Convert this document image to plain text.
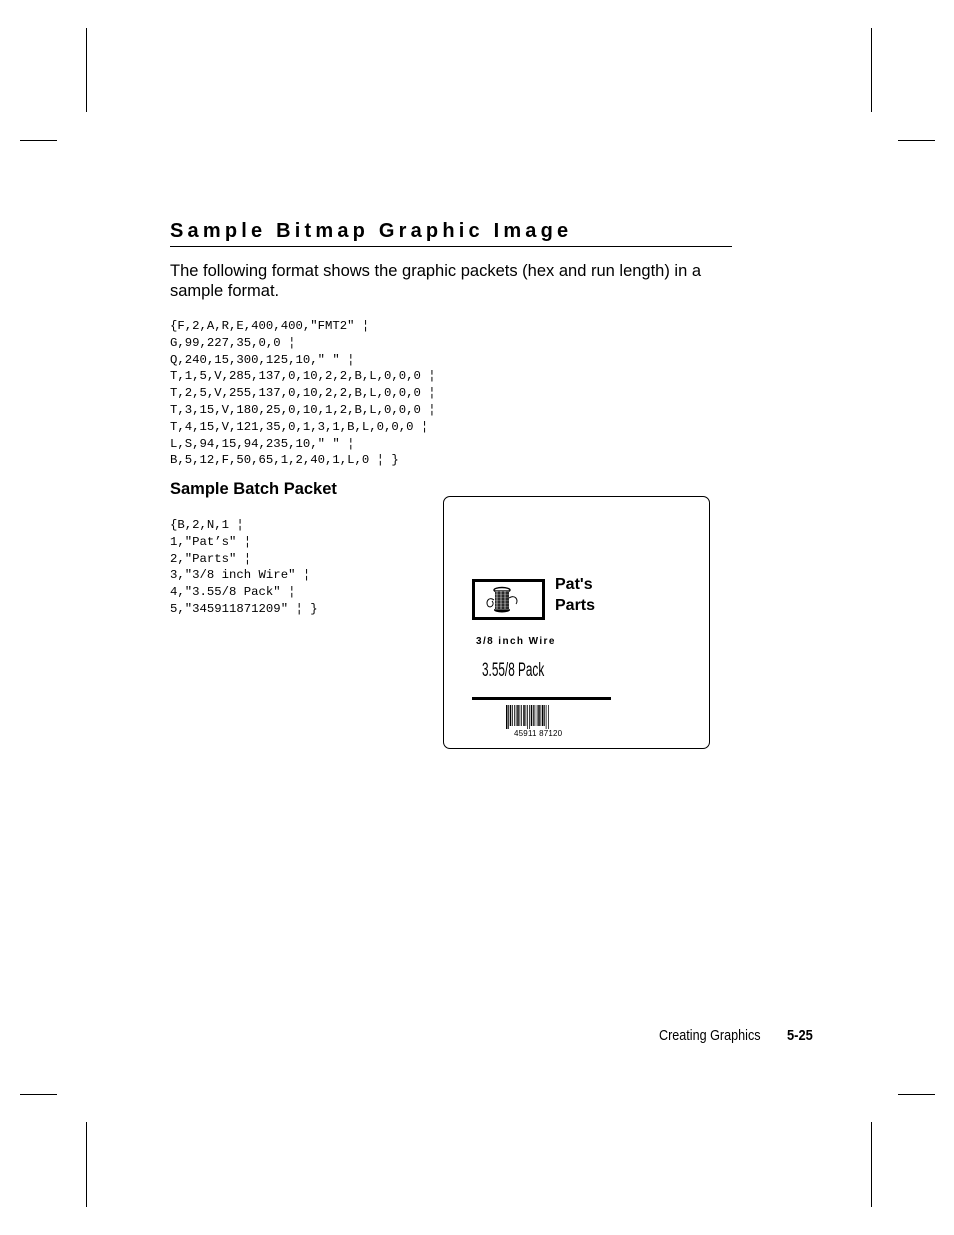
Sample Bitmap Graphic Image

The following format shows the graphic packets (hex and run length) in a sample format.

{F,2,A,R,E,400,400,"FMT2" ¦
G,99,227,35,0,0 ¦
Q,240,15,300,125,10," " ¦
T,1,5,V,285,137,0,10,2,2,B,L,0,0,0 ¦
T,2,5,V,255,137,0,10,2,2,B,L,0,0,0 ¦
T,3,15,V,180,25,0,10,1,2,B,L,0,0,0 ¦
T,4,15,V,121,35,0,1,3,1,B,L,0,0,0 ¦
L,S,94,15,94,235,10," " ¦
B,5,12,F,50,65,1,2,40,1,L,0 ¦ }
Sample Batch Packet
{B,2,N,1 ¦
1,"Pat’s" ¦
2,"Parts" ¦
3,"3/8 inch Wire" ¦
4,"3.55/8 Pack" ¦
5,"345911871209" ¦ }

Pat's

Parts

3/8 inch Wire

3.55/8 Pack

45911 87120

Creating Graphics 5-25
